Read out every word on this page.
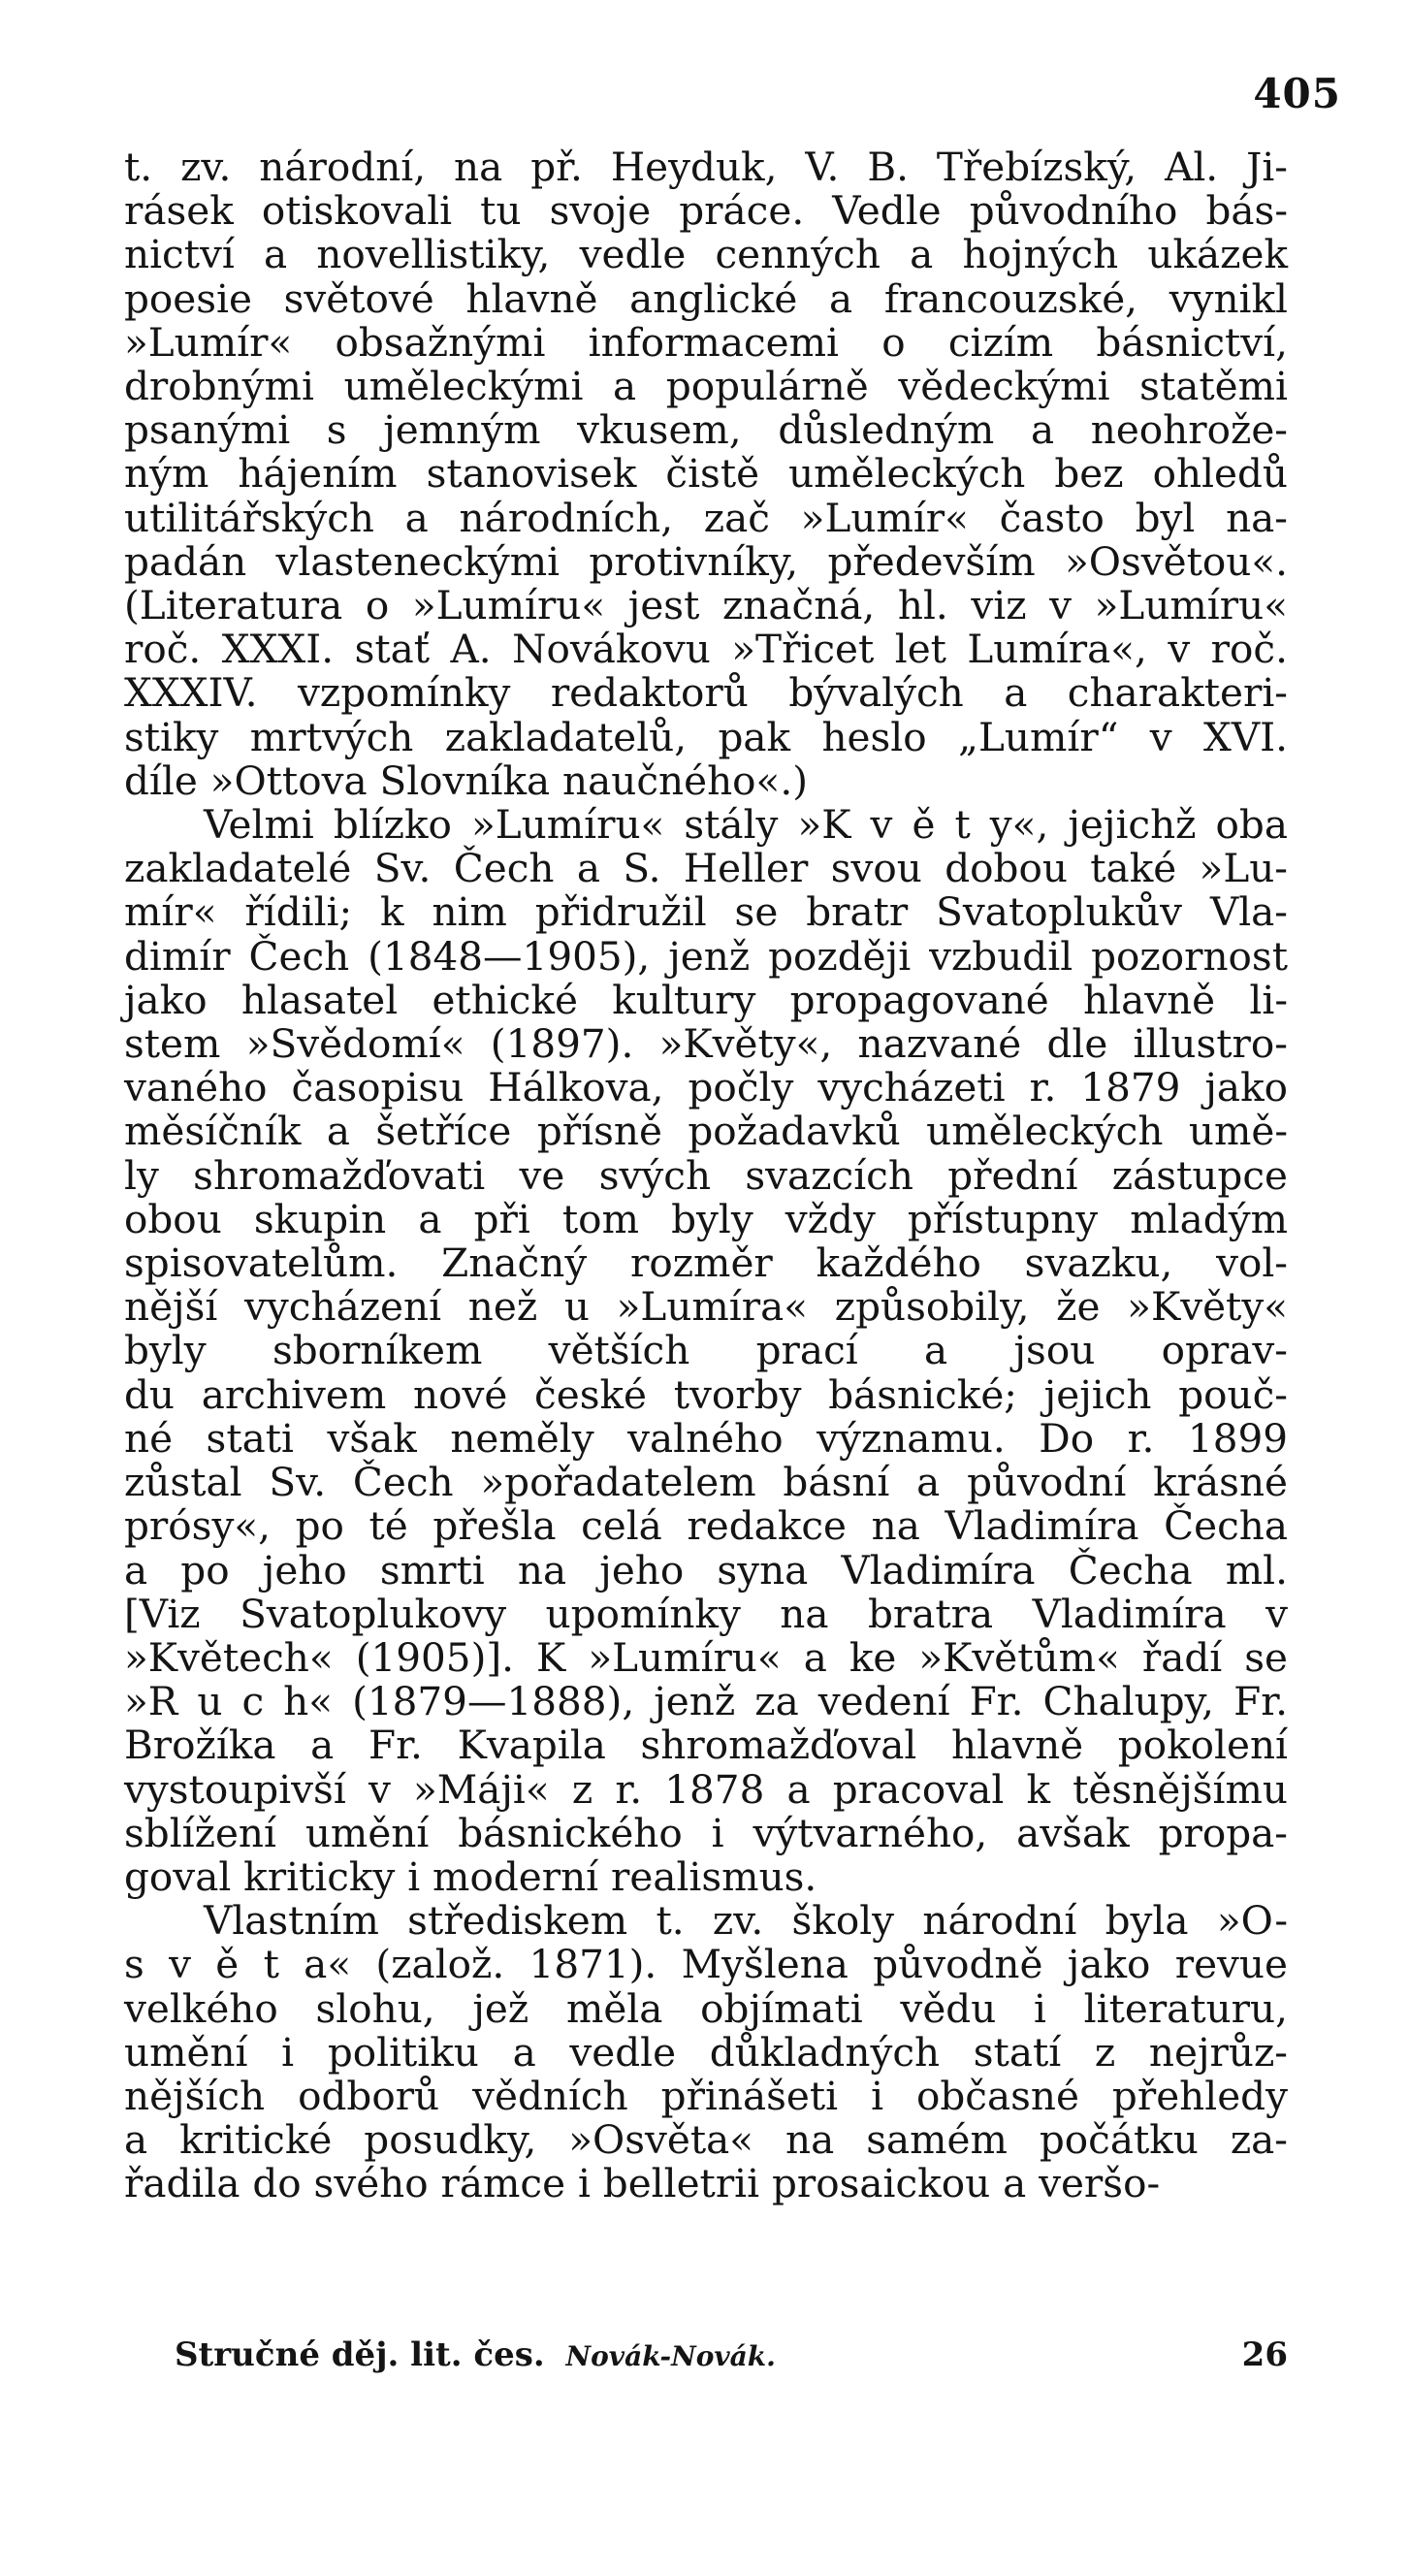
405
t. zv. národní, na př. Heyduk, V. B. Třebízský, Al. Ji-
rásek otiskovali tu svoje práce. Vedle původního bás-
nictví a novellistiky, vedle cenných a hojných ukázek
poesie světové hlavně anglické a francouzské, vynikl
»Lumír« obsažnými informacemi o cizím básnictví,
drobnými uměleckými a populárně vědeckými statěmi
psanými s jemným vkusem, důsledným a neohrože-
ným hájením stanovisek čistě uměleckých bez ohledů
utilitářských a národních, zač »Lumír« často byl na-
padán vlasteneckými protivníky, především »Osvětou«.
(Literatura o »Lumíru« jest značná, hl. viz v »Lumíru«
roč. XXXI. stať A. Novákovu »Třicet let Lumíra«, v roč.
XXXIV. vzpomínky redaktorů bývalých a charakteri-
stiky mrtvých zakladatelů, pak heslo „Lumír“ v XVI.
díle »Ottova Slovníka naučného«.)
Velmi blízko »Lumíru« stály »K v ě t y«, jejichž oba
zakladatelé Sv. Čech a S. Heller svou dobou také »Lu-
mír« řídili; k nim přidružil se bratr Svatoplukův Vla-
dimír Čech (1848—1905), jenž později vzbudil pozornost
jako hlasatel ethické kultury propagované hlavně li-
stem »Svědomí« (1897). »Květy«, nazvané dle illustro-
vaného časopisu Hálkova, počly vycházeti r. 1879 jako
měsíčník a šetříce přísně požadavků uměleckých umě-
ly shromažďovati ve svých svazcích přední zástupce
obou skupin a při tom byly vždy přístupny mladým
spisovatelům. Značný rozměr každého svazku, vol-
nější vycházení než u »Lumíra« způsobily, že »Květy«
byly sborníkem větších prací a jsou oprav-
du archivem nové české tvorby básnické; jejich pouč-
né stati však neměly valného významu. Do r. 1899
zůstal Sv. Čech »pořadatelem básní a původní krásné
prósy«, po té přešla celá redakce na Vladimíra Čecha
a po jeho smrti na jeho syna Vladimíra Čecha ml.
[Viz Svatoplukovy upomínky na bratra Vladimíra v
»Květech« (1905)]. K »Lumíru« a ke »Květům« řadí se
»R u c h« (1879—1888), jenž za vedení Fr. Chalupy, Fr.
Brožíka a Fr. Kvapila shromažďoval hlavně pokolení
vystoupivší v »Máji« z r. 1878 a pracoval k těsnějšímu
sblížení umění básnického i výtvarného, avšak propa-
goval kriticky i moderní realismus.
Vlastním střediskem t. zv. školy národní byla »O-
s v ě t a« (založ. 1871). Myšlena původně jako revue
velkého slohu, jež měla objímati vědu i literaturu,
umění i politiku a vedle důkladných statí z nejrůz-
nějších odborů vědních přinášeti i občasné přehledy
a kritické posudky, »Osvěta« na samém počátku za-
řadila do svého rámce i belletrii prosaickou a veršo-
Stručné děj. lit. čes. Novák-Novák.	26
